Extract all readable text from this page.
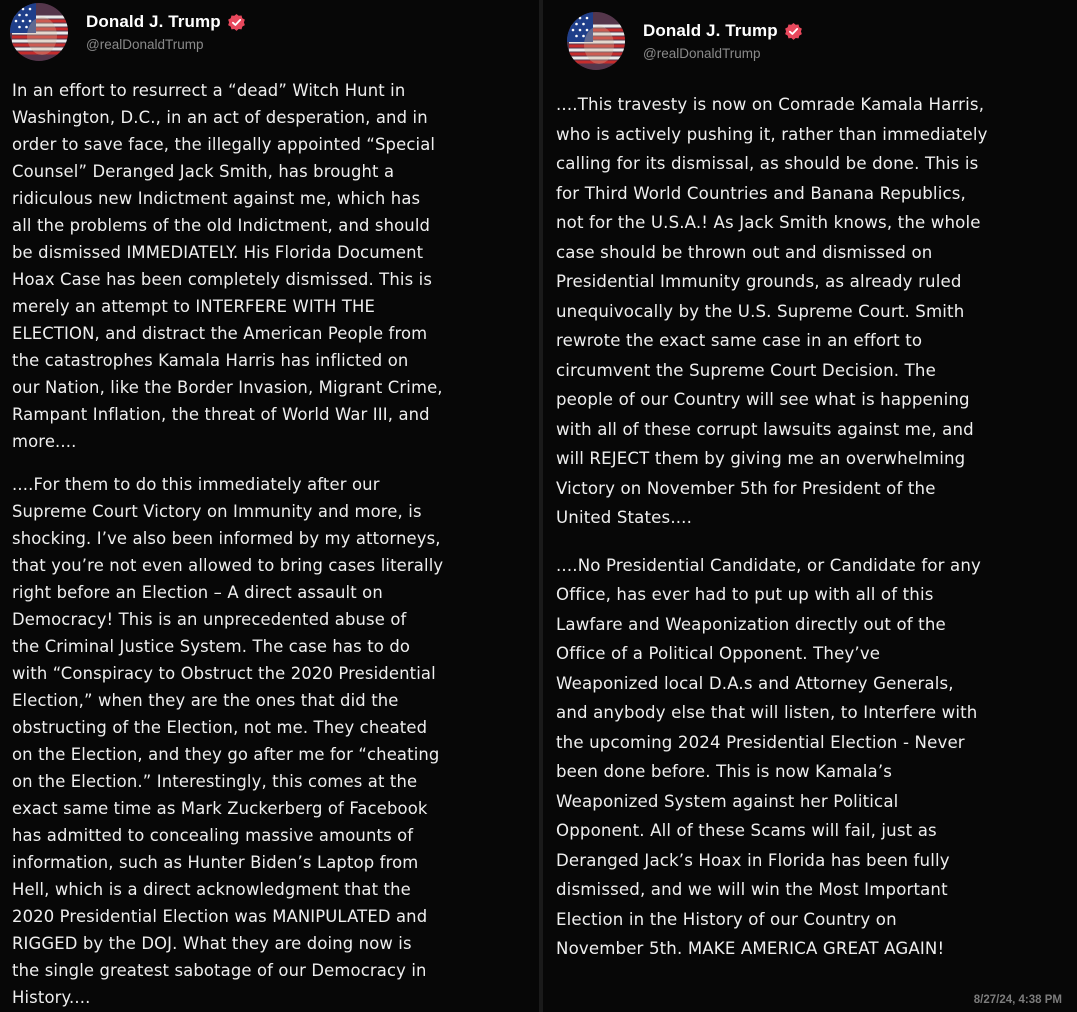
Donald J. Trump
@realDonaldTrump

In an effort to resurrect a “dead” Witch Hunt in
Washington, D.C., in an act of desperation, and in
order to save face, the illegally appointed “Special
Counsel” Deranged Jack Smith, has brought a
ridiculous new Indictment against me, which has
all the problems of the old Indictment, and should
be dismissed IMMEDIATELY. His Florida Document
Hoax Case has been completely dismissed. This is
merely an attempt to INTERFERE WITH THE
ELECTION, and distract the American People from
the catastrophes Kamala Harris has inflicted on
our Nation, like the Border Invasion, Migrant Crime,
Rampant Inflation, the threat of World War III, and
more....

....For them to do this immediately after our
Supreme Court Victory on Immunity and more, is
shocking. I’ve also been informed by my attorneys,
that you’re not even allowed to bring cases literally
right before an Election – A direct assault on
Democracy! This is an unprecedented abuse of
the Criminal Justice System. The case has to do
with “Conspiracy to Obstruct the 2020 Presidential
Election,” when they are the ones that did the
obstructing of the Election, not me. They cheated
on the Election, and they go after me for “cheating
on the Election.” Interestingly, this comes at the
exact same time as Mark Zuckerberg of Facebook
has admitted to concealing massive amounts of
information, such as Hunter Biden’s Laptop from
Hell, which is a direct acknowledgment that the
2020 Presidential Election was MANIPULATED and
RIGGED by the DOJ. What they are doing now is
the single greatest sabotage of our Democracy in
History....

Donald J. Trump
@realDonaldTrump

....This travesty is now on Comrade Kamala Harris,
who is actively pushing it, rather than immediately
calling for its dismissal, as should be done. This is
for Third World Countries and Banana Republics,
not for the U.S.A.! As Jack Smith knows, the whole
case should be thrown out and dismissed on
Presidential Immunity grounds, as already ruled
unequivocally by the U.S. Supreme Court. Smith
rewrote the exact same case in an effort to
circumvent the Supreme Court Decision. The
people of our Country will see what is happening
with all of these corrupt lawsuits against me, and
will REJECT them by giving me an overwhelming
Victory on November 5th for President of the
United States....

....No Presidential Candidate, or Candidate for any
Office, has ever had to put up with all of this
Lawfare and Weaponization directly out of the
Office of a Political Opponent. They’ve
Weaponized local D.A.s and Attorney Generals,
and anybody else that will listen, to Interfere with
the upcoming 2024 Presidential Election - Never
been done before. This is now Kamala’s
Weaponized System against her Political
Opponent. All of these Scams will fail, just as
Deranged Jack’s Hoax in Florida has been fully
dismissed, and we will win the Most Important
Election in the History of our Country on
November 5th. MAKE AMERICA GREAT AGAIN!

8/27/24, 4:38 PM
